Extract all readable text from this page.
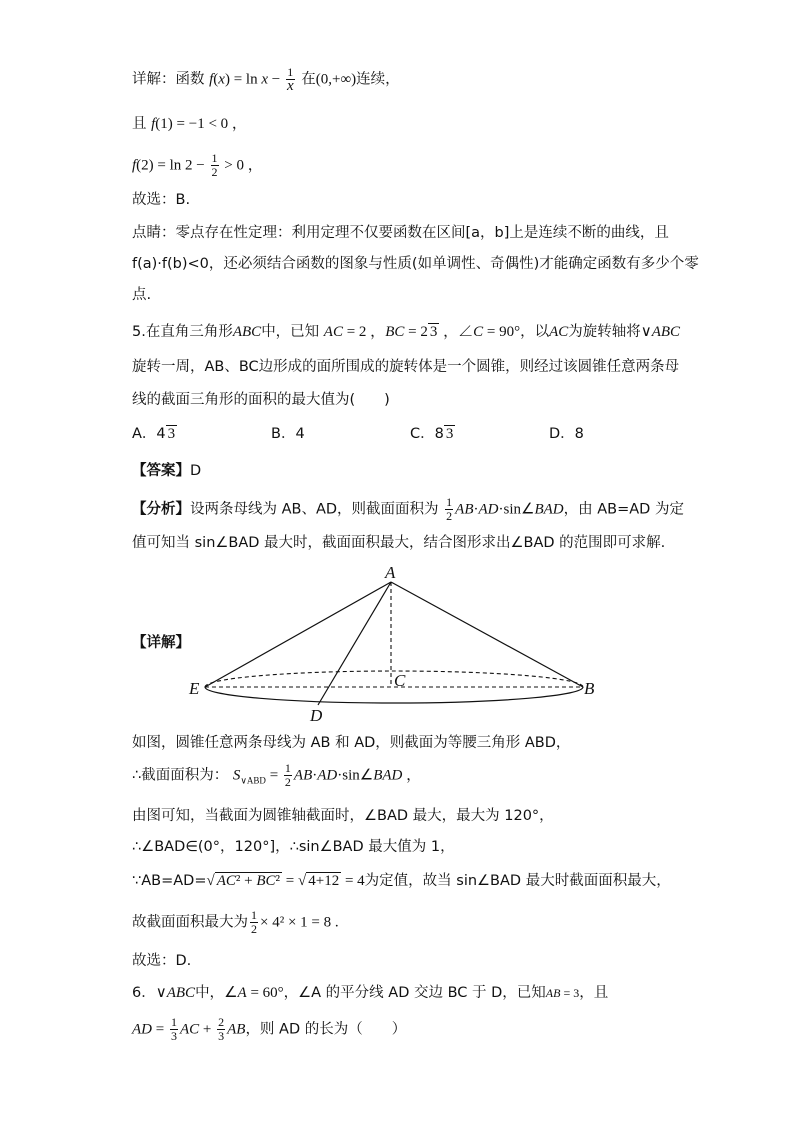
详解：函数 $f(x) = \ln x - \frac{1}{x}$ 在(0,+∞)连续，
且 f(1) = −1 < 0 ，
$f(2) = \ln 2 - \frac{1}{2} > 0$ ，
故选：B.
点睛：零点存在性定理：利用定理不仅要函数在区间[a，b]上是连续不断的曲线，且
f(a)·f(b)<0，还必须结合函数的图象与性质(如单调性、奇偶性)才能确定函数有多少个零
点.
5.在直角三角形ABC中，已知 AC = 2 ，BC = 2 3 ，∠C = 90°，以AC为旋转轴将∨ABC
旋转一周，AB、BC边形成的面所围成的旋转体是一个圆锥，则经过该圆锥任意两条母
线的截面三角形的面积的最大值为(　　)
A．4 3	B．4	C．8 3	D．8
【答案】D
【分析】设两条母线为 AB、AD，则截面面积为 $\frac{1}{2}$ AB·AD·sin∠BAD，由 AB=AD 为定
值可知当 sin∠BAD 最大时，截面面积最大，结合图形求出∠BAD 的范围即可求解.
【详解】
A
B
C
D
E
如图，圆锥任意两条母线为 AB 和 AD，则截面为等腰三角形 ABD，
∴截面面积为： $S_{\vee ABD} = \frac{1}{2}$ AB·AD·sin∠BAD ，
由图可知，当截面为圆锥轴截面时，∠BAD 最大，最大为 120°，
∴∠BAD∈(0°，120°]，∴sin∠BAD 最大值为 1，
∵AB=AD=√ AC² + BC² = √ 4+12 = 4为定值，故当 sin∠BAD 最大时截面面积最大，
故截面面积最大为 $\frac{1}{2} \times 4^2 \times 1 = 8$ .
故选：D.
6．∨ABC中，∠A = 60°，∠A 的平分线 AD 交边 BC 于 D，已知AB = 3，且
AD = $\frac{1}{3}$ AC + $\frac{2}{3}$ AB，则 AD 的长为（　　）
